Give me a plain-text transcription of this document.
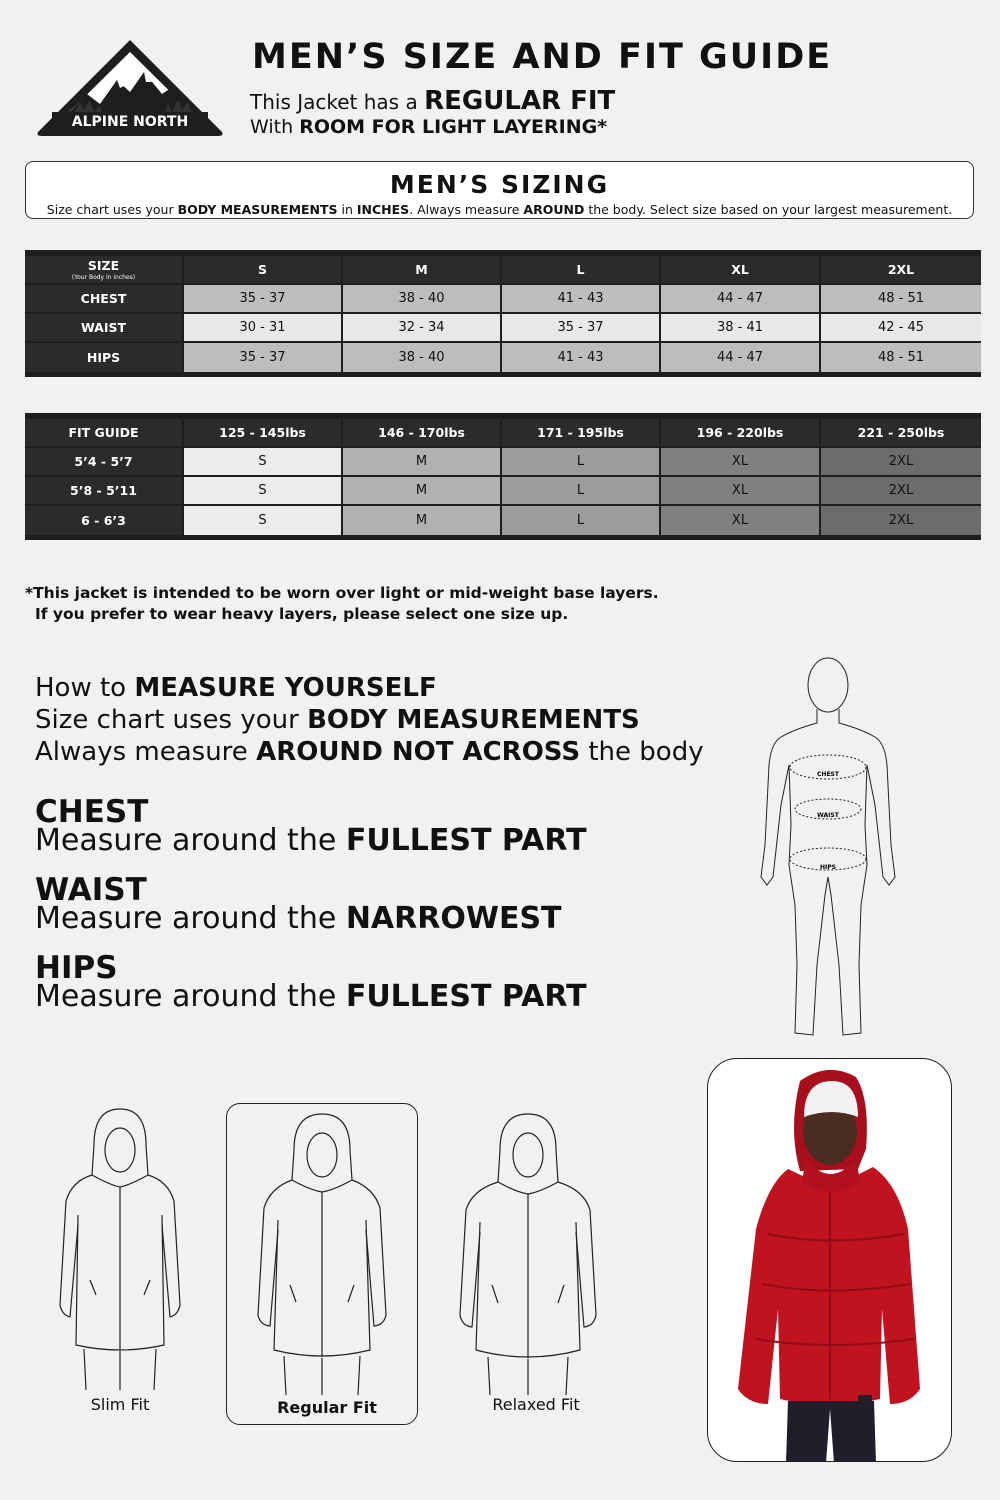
ALPINE NORTH
MEN’S SIZE AND FIT GUIDE
This Jacket has a REGULAR FIT
With ROOM FOR LIGHT LAYERING*
MEN’S SIZING
Size chart uses your BODY MEASUREMENTS in INCHES. Always measure AROUND the body. Select size based on your largest measurement.
SIZE
(Your Body in inches)	S	M	L	XL	2XL
CHEST	35 - 37	38 - 40	41 - 43	44 - 47	48 - 51
WAIST	30 - 31	32 - 34	35 - 37	38 - 41	42 - 45
HIPS	35 - 37	38 - 40	41 - 43	44 - 47	48 - 51
FIT GUIDE	125 - 145lbs	146 - 170lbs	171 - 195lbs	196 - 220lbs	221 - 250lbs
5’4 - 5’7	S	M	L	XL	2XL
5’8 - 5’11	S	M	L	XL	2XL
6 - 6’3	S	M	L	XL	2XL
*This jacket is intended to be worn over light or mid-weight base layers.
If you prefer to wear heavy layers, please select one size up.
How to MEASURE YOURSELF
Size chart uses your BODY MEASUREMENTS
Always measure AROUND NOT ACROSS the body
CHEST
Measure around the FULLEST PART
WAIST
Measure around the NARROWEST
HIPS
Measure around the FULLEST PART
CHEST
WAIST
HIPS
Slim Fit	Regular Fit	Relaxed Fit
